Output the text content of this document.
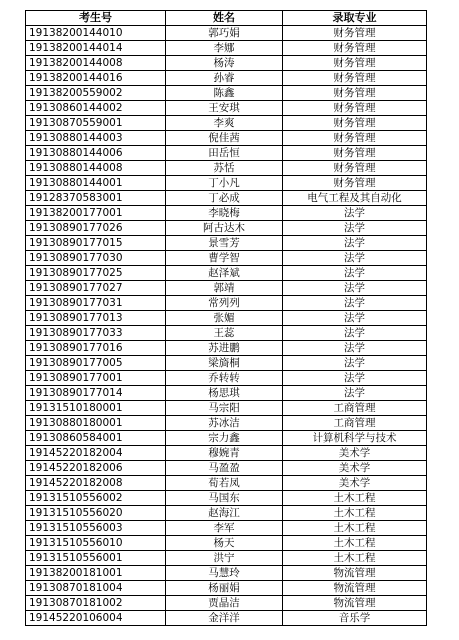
考生号	姓名	录取专业
19138200144010	郭巧娟	财务管理
19138200144014	李娜	财务管理
19138200144008	杨涛	财务管理
19138200144016	孙睿	财务管理
19138200559002	陈鑫	财务管理
19130860144002	王安琪	财务管理
19130870559001	李爽	财务管理
19130880144003	倪佳茜	财务管理
19130880144006	田岳恒	财务管理
19130880144008	苏恬	财务管理
19130880144001	丁小凡	财务管理
19128370583001	丁必成	电气工程及其自动化
19138200177001	李晓梅	法学
19130890177026	阿古达木	法学
19130890177015	景雪芳	法学
19130890177030	曹学智	法学
19130890177025	赵泽斌	法学
19130890177027	郭靖	法学
19130890177031	常列列	法学
19130890177013	张媚	法学
19130890177033	王蕊	法学
19130890177016	苏进鹏	法学
19130890177005	梁旖桐	法学
19130890177001	乔转转	法学
19130890177014	杨思琪	法学
19131510180001	马宗阳	工商管理
19130880180001	苏冰洁	工商管理
19130860584001	宗力鑫	计算机科学与技术
19145220182004	穆婉青	美术学
19145220182006	马盈盈	美术学
19145220182008	荀若凤	美术学
19131510556002	马国东	土木工程
19131510556020	赵海江	土木工程
19131510556003	李军	土木工程
19131510556010	杨天	土木工程
19131510556001	洪宁	土木工程
19138200181001	马慧玲	物流管理
19130870181004	杨丽娟	物流管理
19130870181002	贾晶洁	物流管理
19145220106004	金洋洋	音乐学
